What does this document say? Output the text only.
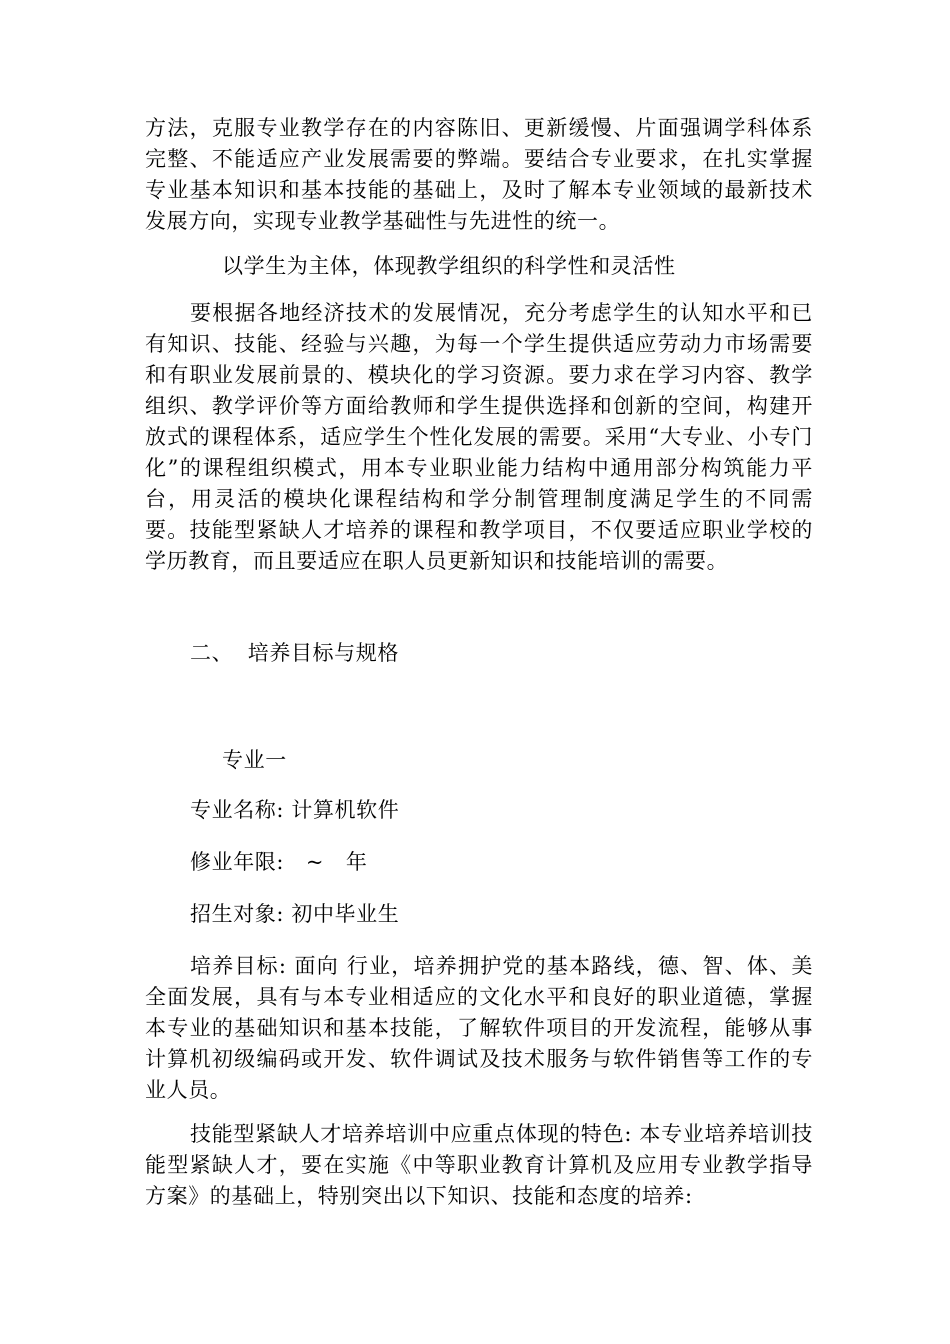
方法，克服专业教学存在的内容陈旧、更新缓慢、片面强调学科体系完整、不能适应产业发展需要的弊端。要结合专业要求，在扎实掌握专业基本知识和基本技能的基础上，及时了解本专业领域的最新技术发展方向，实现专业教学基础性与先进性的统一。

以学生为主体，体现教学组织的科学性和灵活性

要根据各地经济技术的发展情况，充分考虑学生的认知水平和已有知识、技能、经验与兴趣，为每一个学生提供适应劳动力市场需要和有职业发展前景的、模块化的学习资源。要力求在学习内容、教学组织、教学评价等方面给教师和学生提供选择和创新的空间，构建开放式的课程体系，适应学生个性化发展的需要。采用“大专业、小专门化”的课程组织模式，用本专业职业能力结构中通用部分构筑能力平台，用灵活的模块化课程结构和学分制管理制度满足学生的不同需要。技能型紧缺人才培养的课程和教学项目，不仅要适应职业学校的学历教育，而且要适应在职人员更新知识和技能培训的需要。

二、  培养目标与规格
专业一
专业名称: 计算机软件
修业年限:   ~   年
招生对象: 初中毕业生

培养目标: 面向 行业，培养拥护党的基本路线，德、智、体、美全面发展，具有与本专业相适应的文化水平和良好的职业道德，掌握本专业的基础知识和基本技能，了解软件项目的开发流程，能够从事计算机初级编码或开发、软件调试及技术服务与软件销售等工作的专业人员。

技能型紧缺人才培养培训中应重点体现的特色: 本专业培养培训技能型紧缺人才，要在实施《中等职业教育计算机及应用专业教学指导方案》的基础上，特别突出以下知识、技能和态度的培养:
